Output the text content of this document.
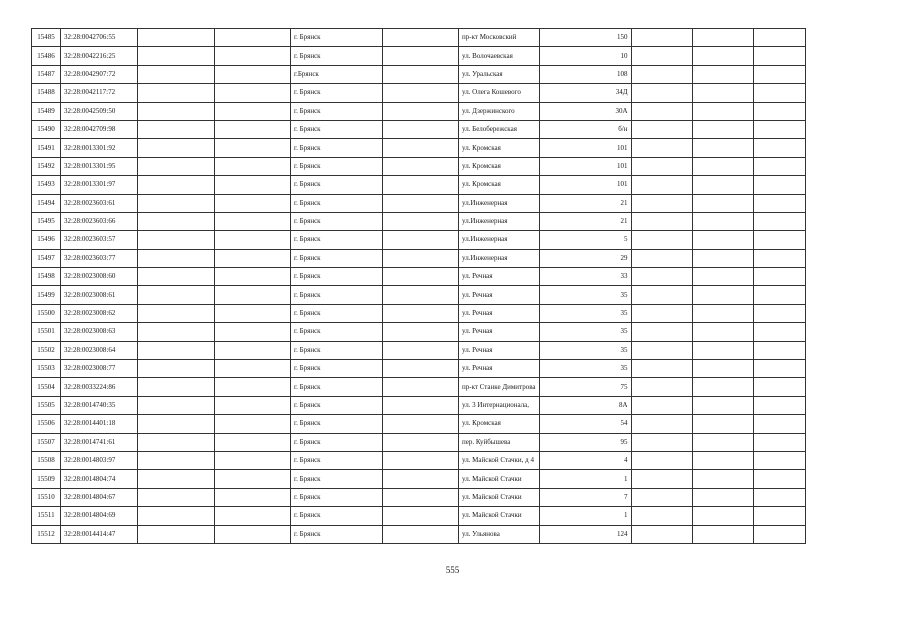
15485	32:28:0042706:55			г. Брянск		пр-кт Московский	150			
15486	32:28:0042216:25			г. Брянск		ул. Волочаевская	10			
15487	32:28:0042907:72			г.Брянск		ул. Уральская	108			
15488	32:28:0042117:72			г. Брянск		ул. Олега Кошевого	34Д			
15489	32:28:0042509:50			г. Брянск		ул. Дзержинского	30А			
15490	32:28:0042709:98			г. Брянск		ул. Белобережская	б/н			
15491	32:28:0013301:92			г. Брянск		ул. Кромская	101			
15492	32:28:0013301:95			г. Брянск		ул. Кромская	101			
15493	32:28:0013301:97			г. Брянск		ул. Кромская	101			
15494	32:28:0023603:61			г. Брянск		ул.Инженерная	21			
15495	32:28:0023603:66			г. Брянск		ул.Инженерная	21			
15496	32:28:0023603:57			г. Брянск		ул.Инженерная	5			
15497	32:28:0023603:77			г. Брянск		ул.Инженерная	29			
15498	32:28:0023008:60			г. Брянск		ул. Речная	33			
15499	32:28:0023008:61			г. Брянск		ул. Речная	35			
15500	32:28:0023008:62			г. Брянск		ул. Речная	35			
15501	32:28:0023008:63			г. Брянск		ул. Речная	35			
15502	32:28:0023008:64			г. Брянск		ул. Речная	35			
15503	32:28:0023008:77			г. Брянск		ул. Речная	35			
15504	32:28:0033224:86			г. Брянск		пр-кт Станке Димитрова	75			
15505	32:28:0014740:35			г. Брянск		ул. 3 Интернационала,	8А			
15506	32:28:0014401:18			г. Брянск		ул. Кромская	54			
15507	32:28:0014741:61			г. Брянск		пер. Куйбышева	95			
15508	32:28:0014803:97			г. Брянск		ул. Майской Стачки, д 4	4			
15509	32:28:0014804:74			г. Брянск		ул. Майской Стачки	1			
15510	32:28:0014804:67			г. Брянск		ул. Майской Стачки	7			
15511	32:28:0014804:69			г. Брянск		ул. Майской Стачки	1			
15512	32:28:0014414:47			г. Брянск		ул. Ульянова	124			
555
